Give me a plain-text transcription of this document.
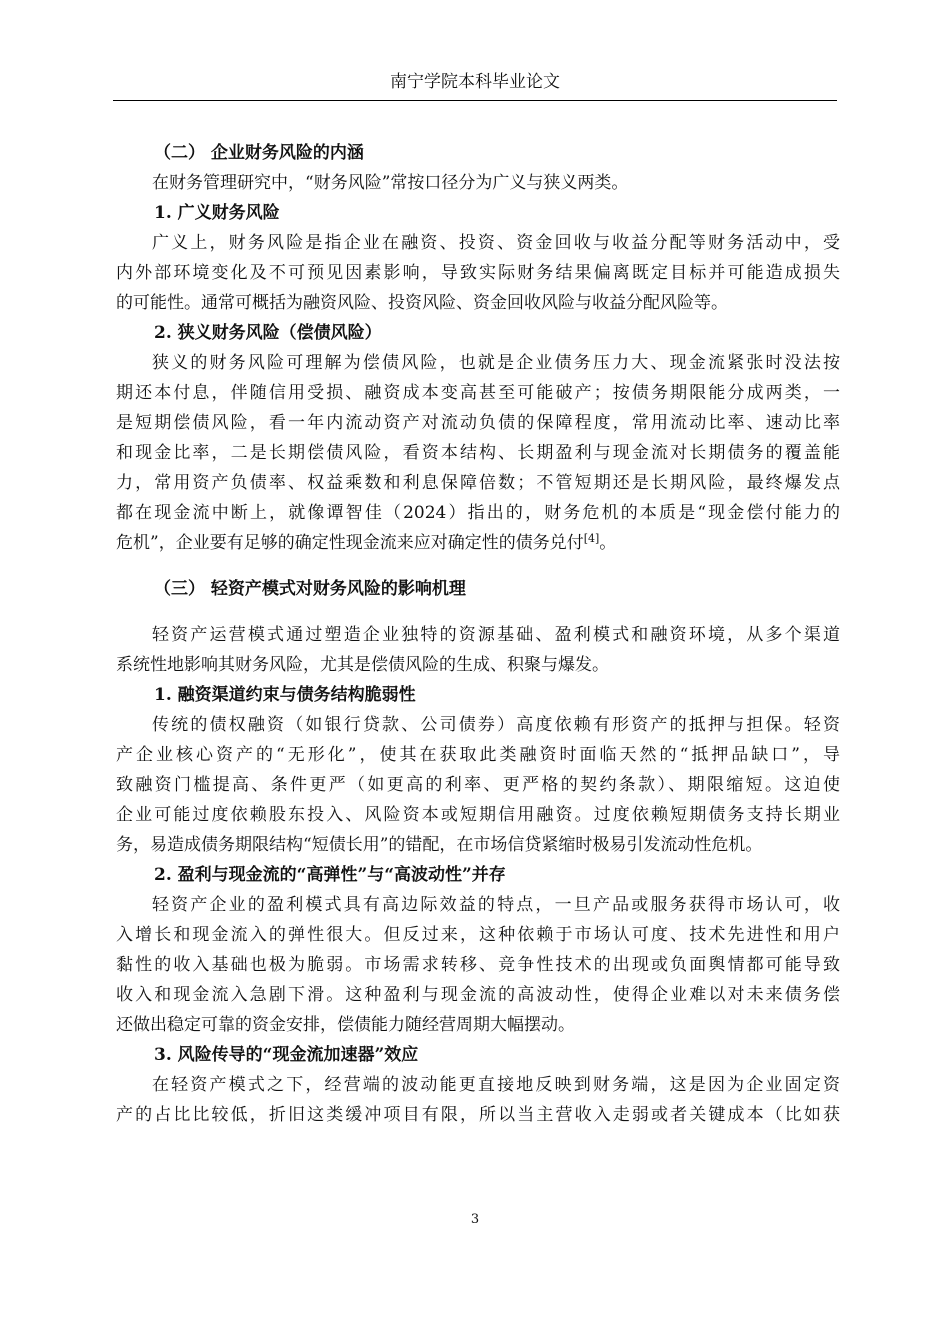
南宁学院本科毕业论文
（二） 企业财务风险的内涵
在财务管理研究中，“财务风险”常按口径分为广义与狭义两类。
1. 广义财务风险
广义上，财务风险是指企业在融资、投资、资金回收与收益分配等财务活动中，受
内外部环境变化及不可预见因素影响，导致实际财务结果偏离既定目标并可能造成损失
的可能性。通常可概括为融资风险、投资风险、资金回收风险与收益分配风险等。
2. 狭义财务风险（偿债风险）
狭义的财务风险可理解为偿债风险，也就是企业债务压力大、现金流紧张时没法按
期还本付息，伴随信用受损、融资成本变高甚至可能破产；按债务期限能分成两类，一
是短期偿债风险，看一年内流动资产对流动负债的保障程度，常用流动比率、速动比率
和现金比率，二是长期偿债风险，看资本结构、长期盈利与现金流对长期债务的覆盖能
力，常用资产负债率、权益乘数和利息保障倍数；不管短期还是长期风险，最终爆发点
都在现金流中断上，就像谭智佳（2024）指出的，财务危机的本质是“现金偿付能力的
危机”，企业要有足够的确定性现金流来应对确定性的债务兑付[4]。
（三） 轻资产模式对财务风险的影响机理
轻资产运营模式通过塑造企业独特的资源基础、盈利模式和融资环境，从多个渠道
系统性地影响其财务风险，尤其是偿债风险的生成、积聚与爆发。
1. 融资渠道约束与债务结构脆弱性
传统的债权融资（如银行贷款、公司债券）高度依赖有形资产的抵押与担保。轻资
产企业核心资产的“无形化”，使其在获取此类融资时面临天然的“抵押品缺口”，导
致融资门槛提高、条件更严（如更高的利率、更严格的契约条款）、期限缩短。这迫使
企业可能过度依赖股东投入、风险资本或短期信用融资。过度依赖短期债务支持长期业
务，易造成债务期限结构“短债长用”的错配，在市场信贷紧缩时极易引发流动性危机。
2. 盈利与现金流的“高弹性”与“高波动性”并存
轻资产企业的盈利模式具有高边际效益的特点，一旦产品或服务获得市场认可，收
入增长和现金流入的弹性很大。但反过来，这种依赖于市场认可度、技术先进性和用户
黏性的收入基础也极为脆弱。市场需求转移、竞争性技术的出现或负面舆情都可能导致
收入和现金流入急剧下滑。这种盈利与现金流的高波动性，使得企业难以对未来债务偿
还做出稳定可靠的资金安排，偿债能力随经营周期大幅摆动。
3. 风险传导的“现金流加速器”效应
在轻资产模式之下，经营端的波动能更直接地反映到财务端，这是因为企业固定资
产的占比比较低，折旧这类缓冲项目有限，所以当主营收入走弱或者关键成本（比如获
3
